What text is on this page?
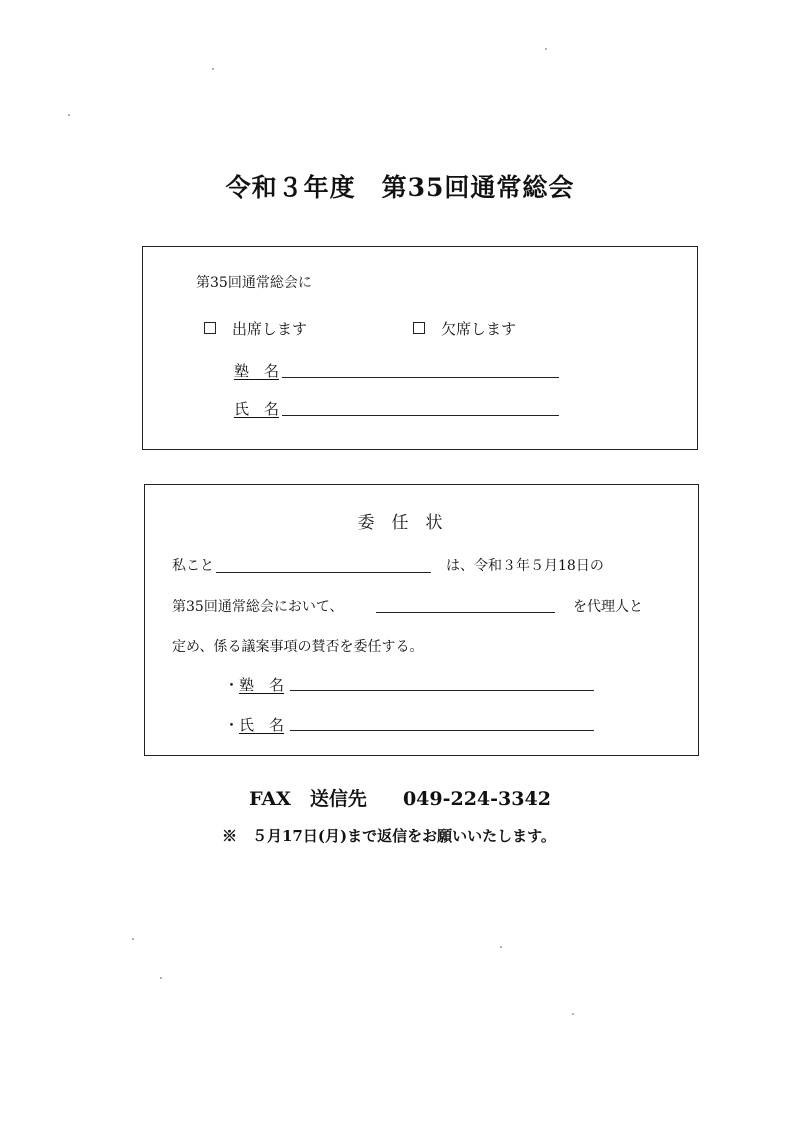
令和３年度　第35回通常総会
第35回通常総会に
出席します	欠席します
塾　名
氏　名
委　任　状
私こと	は、令和３年５月18日の
第35回通常総会において、	を代理人と
定め、係る議案事項の賛否を委任する。
・塾　名
・氏　名
FAX　送信先 049-224-3342
※　５月17日(月)まで返信をお願いいたします。
